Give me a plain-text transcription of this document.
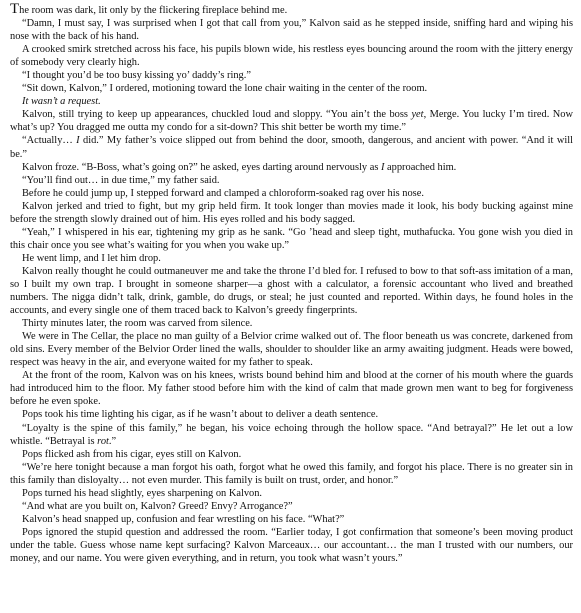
The room was dark, lit only by the flickering fireplace behind me.

“Damn, I must say, I was surprised when I got that call from you,” Kalvon said as he stepped inside, sniffing hard and wiping his nose with the back of his hand.

A crooked smirk stretched across his face, his pupils blown wide, his restless eyes bouncing around the room with the jittery energy of somebody very clearly high.

“I thought you’d be too busy kissing yo’ daddy’s ring.”

“Sit down, Kalvon,” I ordered, motioning toward the lone chair waiting in the center of the room.

It wasn’t a request.

Kalvon, still trying to keep up appearances, chuckled loud and sloppy. “You ain’t the boss yet, Merge. You lucky I’m tired. Now what’s up? You dragged me outta my condo for a sit-down? This shit better be worth my time.”

“Actually… I did.” My father’s voice slipped out from behind the door, smooth, dangerous, and ancient with power. “And it will be.”

Kalvon froze. “B-Boss, what’s going on?” he asked, eyes darting around nervously as I approached him.

“You’ll find out… in due time,” my father said.

Before he could jump up, I stepped forward and clamped a chloroform-soaked rag over his nose.

Kalvon jerked and tried to fight, but my grip held firm. It took longer than movies made it look, his body bucking against mine before the strength slowly drained out of him. His eyes rolled and his body sagged.

“Yeah,” I whispered in his ear, tightening my grip as he sank. “Go ’head and sleep tight, muthafucka. You gone wish you died in this chair once you see what’s waiting for you when you wake up.”

He went limp, and I let him drop.

Kalvon really thought he could outmaneuver me and take the throne I’d bled for. I refused to bow to that soft-ass imitation of a man, so I built my own trap. I brought in someone sharper—a ghost with a calculator, a forensic accountant who lived and breathed numbers. The nigga didn’t talk, drink, gamble, do drugs, or steal; he just counted and reported. Within days, he found holes in the accounts, and every single one of them traced back to Kalvon’s greedy fingerprints.

Thirty minutes later, the room was carved from silence.

We were in The Cellar, the place no man guilty of a Belvior crime walked out of. The floor beneath us was concrete, darkened from old sins. Every member of the Belvior Order lined the walls, shoulder to shoulder like an army awaiting judgment. Heads were bowed, respect was heavy in the air, and everyone waited for my father to speak.

At the front of the room, Kalvon was on his knees, wrists bound behind him and blood at the corner of his mouth where the guards had introduced him to the floor. My father stood before him with the kind of calm that made grown men want to beg for forgiveness before he even spoke.

Pops took his time lighting his cigar, as if he wasn’t about to deliver a death sentence.

“Loyalty is the spine of this family,” he began, his voice echoing through the hollow space. “And betrayal?” He let out a low whistle. “Betrayal is rot.”

Pops flicked ash from his cigar, eyes still on Kalvon.

“We’re here tonight because a man forgot his oath, forgot what he owed this family, and forgot his place. There is no greater sin in this family than disloyalty… not even murder. This family is built on trust, order, and honor.”

Pops turned his head slightly, eyes sharpening on Kalvon.

“And what are you built on, Kalvon? Greed? Envy? Arrogance?”

Kalvon’s head snapped up, confusion and fear wrestling on his face. “What?”

Pops ignored the stupid question and addressed the room. “Earlier today, I got confirmation that someone’s been moving product under the table. Guess whose name kept surfacing? Kalvon Marceaux… our accountant… the man I trusted with our numbers, our money, and our name. You were given everything, and in return, you took what wasn’t yours.”
